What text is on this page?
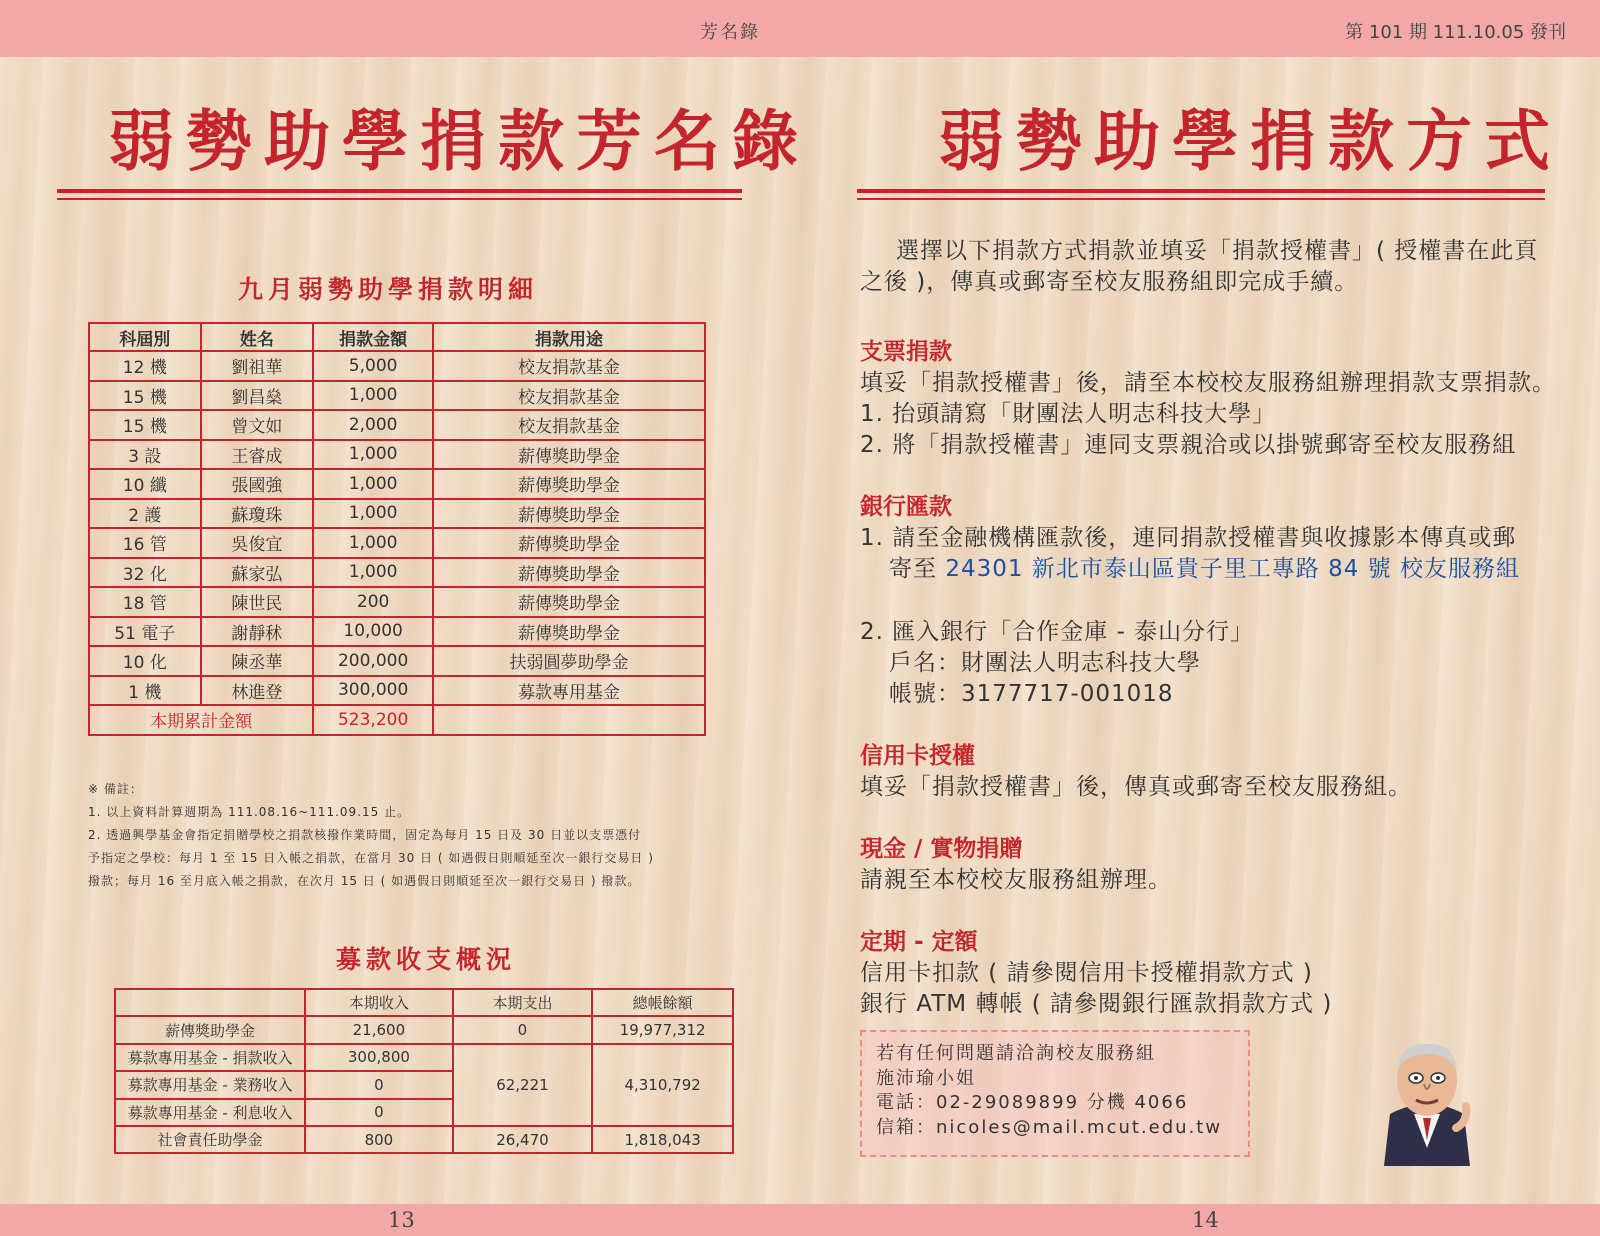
芳名錄	第 101 期 111.10.05 發刊
弱勢助學捐款芳名錄
九月弱勢助學捐款明細
科屆別	姓名	捐款金額	捐款用途
12 機	劉祖華	5,000	校友捐款基金
15 機	劉昌燊	1,000	校友捐款基金
15 機	曾文如	2,000	校友捐款基金
3 設	王睿成	1,000	薪傳獎助學金
10 纖	張國強	1,000	薪傳獎助學金
2 護	蘇瓊珠	1,000	薪傳獎助學金
16 管	吳俊宜	1,000	薪傳獎助學金
32 化	蘇家弘	1,000	薪傳獎助學金
18 管	陳世民	200	薪傳獎助學金
51 電子	謝靜秫	10,000	薪傳獎助學金
10 化	陳丞華	200,000	扶弱圓夢助學金
1 機	林進登	300,000	募款專用基金
本期累計金額		523,200	
※ 備註：
1. 以上資料計算週期為 111.08.16~111.09.15 止。
2. 透過興學基金會指定捐贈學校之捐款核撥作業時間，固定為每月 15 日及 30 日並以支票憑付
予指定之學校：每月 1 至 15 日入帳之捐款，在當月 30 日 ( 如遇假日則順延至次一銀行交易日 )
撥款；每月 16 至月底入帳之捐款，在次月 15 日 ( 如遇假日則順延至次一銀行交易日 ) 撥款。
募款收支概況
	本期收入	本期支出	總帳餘額
薪傳獎助學金	21,600	0	19,977,312
募款專用基金 - 捐款收入	300,800	62,221	4,310,792
募款專用基金 - 業務收入	0		
募款專用基金 - 利息收入	0		
社會責任助學金	800	26,470	1,818,043
弱勢助學捐款方式
選擇以下捐款方式捐款並填妥「捐款授權書」( 授權書在此頁之後 )，傳真或郵寄至校友服務組即完成手續。
支票捐款
填妥「捐款授權書」後，請至本校校友服務組辦理捐款支票捐款。
1. 抬頭請寫「財團法人明志科技大學」
2. 將「捐款授權書」連同支票親洽或以掛號郵寄至校友服務組
銀行匯款
1. 請至金融機構匯款後，連同捐款授權書與收據影本傳真或郵
寄至 24301 新北市泰山區貴子里工專路 84 號 校友服務組
2. 匯入銀行「合作金庫 - 泰山分行」
戶名：財團法人明志科技大學
帳號：3177717-001018
信用卡授權
填妥「捐款授權書」後，傳真或郵寄至校友服務組。
現金 / 實物捐贈
請親至本校校友服務組辦理。
定期 - 定額
信用卡扣款 ( 請參閱信用卡授權捐款方式 )
銀行 ATM 轉帳 ( 請參閱銀行匯款捐款方式 )
若有任何問題請洽詢校友服務組
施沛瑜小姐
電話：02-29089899 分機 4066
信箱：nicoles@mail.mcut.edu.tw
13	14
